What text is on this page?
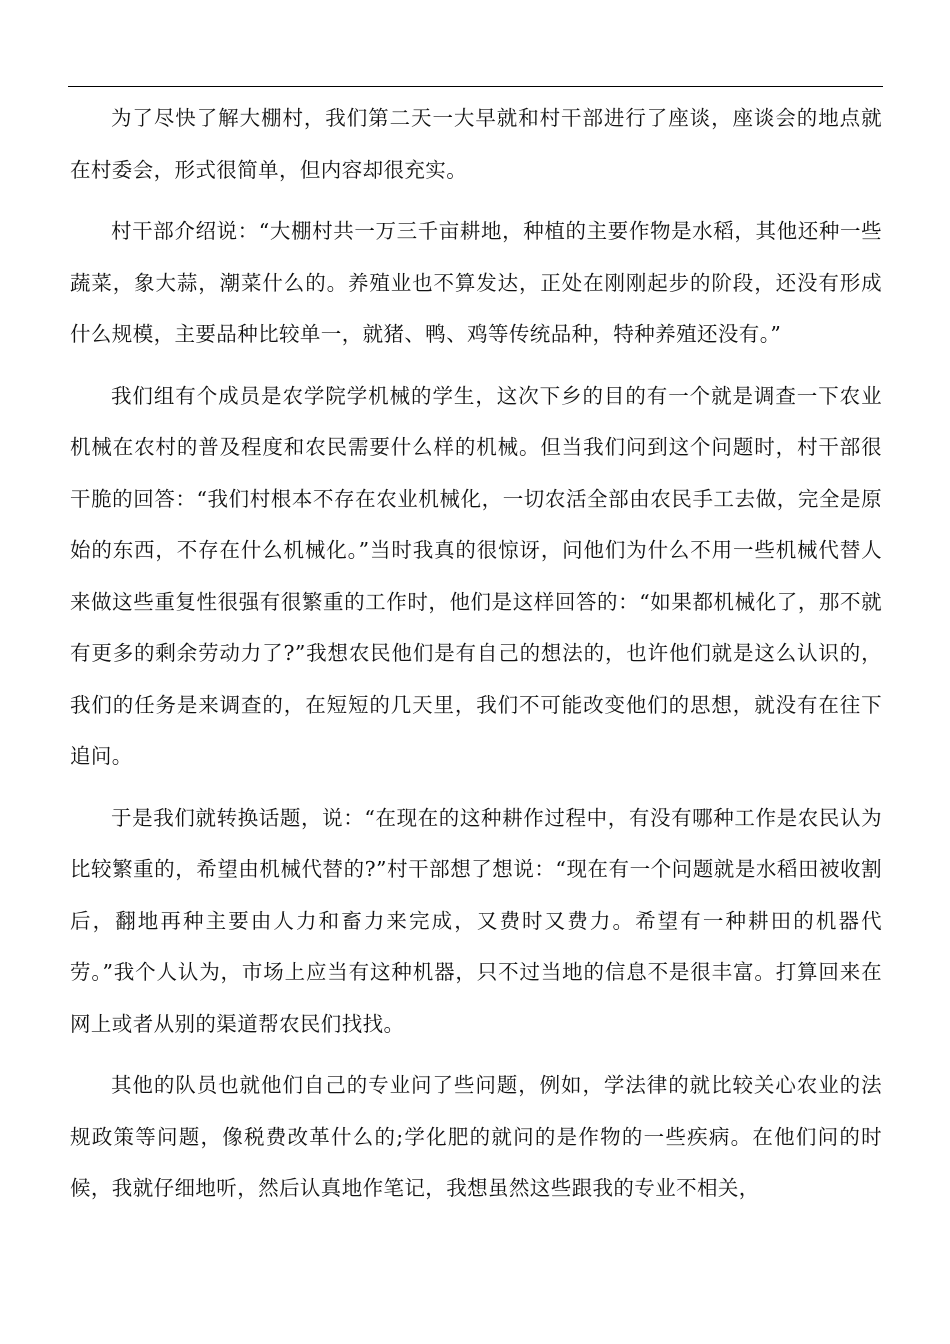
为了尽快了解大棚村，我们第二天一大早就和村干部进行了座谈，座谈会的地点就在村委会，形式很简单，但内容却很充实。

村干部介绍说：“大棚村共一万三千亩耕地，种植的主要作物是水稻，其他还种一些蔬菜，象大蒜，潮菜什么的。养殖业也不算发达，正处在刚刚起步的阶段，还没有形成什么规模，主要品种比较单一，就猪、鸭、鸡等传统品种，特种养殖还没有。”

我们组有个成员是农学院学机械的学生，这次下乡的目的有一个就是调查一下农业机械在农村的普及程度和农民需要什么样的机械。但当我们问到这个问题时，村干部很干脆的回答：“我们村根本不存在农业机械化，一切农活全部由农民手工去做，完全是原始的东西，不存在什么机械化。”当时我真的很惊讶，问他们为什么不用一些机械代替人来做这些重复性很强有很繁重的工作时，他们是这样回答的：“如果都机械化了，那不就有更多的剩余劳动力了?”我想农民他们是有自己的想法的，也许他们就是这么认识的，我们的任务是来调查的，在短短的几天里，我们不可能改变他们的思想，就没有在往下追问。

于是我们就转换话题，说：“在现在的这种耕作过程中，有没有哪种工作是农民认为比较繁重的，希望由机械代替的?”村干部想了想说：“现在有一个问题就是水稻田被收割后，翻地再种主要由人力和畜力来完成，又费时又费力。希望有一种耕田的机器代劳。”我个人认为，市场上应当有这种机器，只不过当地的信息不是很丰富。打算回来在网上或者从别的渠道帮农民们找找。

其他的队员也就他们自己的专业问了些问题，例如，学法律的就比较关心农业的法规政策等问题，像税费改革什么的;学化肥的就问的是作物的一些疾病。在他们问的时候，我就仔细地听，然后认真地作笔记，我想虽然这些跟我的专业不相关，
